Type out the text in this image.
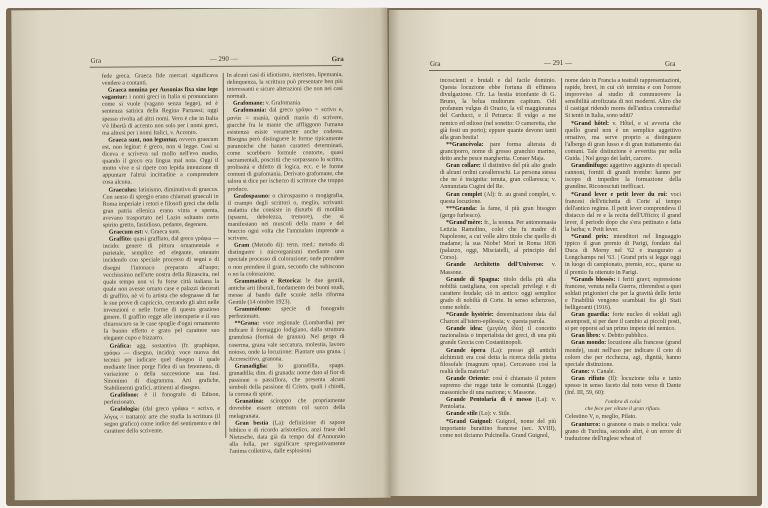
Gra	— 290 —	Gra

fede greca. Graeca fide mercari significava vendere a contanti.

Graeca nomina per Ausonias fixa sine lege vagantur: i nomi greci in Italia si pronunciano come si vuole (vagano senza legge), ed è sentenza satirica della Regina Parnassi; oggi spesso rivolta ad altri nomi. Vero è che in Italia v'è libertà di accento non solo per i nomi greci, ma altresì per i nomi Italici, v. Accento.

Graeca sunt, non leguntur, ovvero graecum est, non legitur: è greco, non si legge. Così si diceva e scriveva sul mollo nell'evo medio, quando il greco era lingua mal nota. Oggi il motto vive e si ripete con lepida intenzione di appuntare l'altrui incittadine a comprendere cosa alcuna.

Graeculus: latinismo, diminutivo di graecus. Con senso di spregio erano chiamati graeculi in Roma imperiale i retori e filosofi greci che della gran patria ellenica erano vinta e spenta, avevano trasportato nel Lazio soltanto certo spirito gretto, fastidioso, pedante, degenere.

Graecum est: v. Graeca sunt.

Graffito: quasi graffiato, dal greco γράφω — incido: genere di pittura ornamentale e parietale, semplice ed elegante, ottenuto incidendo con speciale processo di segni e di disegni l'intonaco preparato all'uopo; vecchissimo nell'arte nostra della Rinascita, nel quale tempo non vi fu forse città italiana la quale non avesse ornato case e palazzi decorati di graffito, nè vi fu artista che sdegnasse di far le sue prove di capriccio, cercando gli altri nelle invenzioni e nelle forme di questo grazioso genere. Il graffito regge alle intemperie e il suo chiaroscuro su le case spoglie d'ogni ornamento fa buono effetto e grato pel carattere suo elegante cupo e bizzarro.

Gràfica: agg. sostantivo (fr. graphique, γράφω — disegno, incido): voce nuova dei tecnici per indicare quel disegno il quale mediante linee porge l'idea di un fenomeno, di variazione o della successione sua fasi. Sinonimo di diagramma. Arti grafiche, Stabilimenti grafici, attinenti al disegno.

Grafòfono: è il fonografo di Edison, perfezionato.

Grafologia: (dal greco γράφω = scrivo, e λόγος = trattato): arte che studia la scrittura (il segno grafico) come indice del sentimento e del carattere dello scrivente.

In alcuni casi di idiotismo, isterismo, lipemania, delinquenza, la scrittura può presentare ben più interessanti e sicure alterazioni che non nei casi normali.

Grafomane: v. Grafomania.

Grafomania: dal greco γράφω = scrivo e, μανία = mania, quindi mania di scrivere, giacchè fra le manie che affliggono l'umana esistenza esiste veramente anche codesta. Bisogna però distinguere le forme tipicamente paranoiche che hanno caratteri determinati, come scorbbero formule contorte, quasi sacramentali, poscritti che sorpassano lo scritto, prolissità e difetto di logica, ecc. e le forme comuni di grafomania. Derivato grafomane, che talora si dice per ischerzo di scrittore che troppo produce.

Grafospasmo: o chirospasmo o mogigrafia, il crampo degli scrittori o, meglio, scrivani: malattia che consiste in disturbi di motilità (spasmi, debolezza, tremore), che si manifestano nei muscoli della mano e del braccio ogni volta che l'ammalato imprende a scrivere.

Gram (Metodo di): term. med.: metodo di distinguere i microrganismi mediante uno speciale processo di colorazione; onde prendere o non prendere il gram, secondo che subiscono o no la colorazione.

Grammatica e Retorica: le due gentili, antiche arti liberali, fondamento dei buoni studi, messe al bando dalle scuole nella riforma Gentile (14 ottobre 1923).

Grammòfono: specie di fonografo perfezionato.

**Grana: voce regionale (Lombardia) per indicare il formaggio lodigiano, dalla struttura granulosa (formai de granna). Nel gergo di caserma, grana vale seccatura, molestia, lavoro noioso, onde la locuzione: Piantare una grana. | Accrescitivo, granona.

Granadiglia: lo granadilla, spagn. granadilla; dim. di granada: nome dato al fior di passione o passiflora, che presenta alcuni simboli della passione di Cristo, quali i chiodi, la corona di spine.

Granatina: sciroppo che propriamente dovrebbe essere ottenuto col succo della melagranata.

Gran bestia (La): definizione di sapore biblico e di ricordo aristotelico, anzi frase del Nietzsche, data già da tempo dal d'Annunzio alla folla, per significare spregiativamente l'anima collettiva, dalle esplosioni

Gra	— 291 —	Gra

incoscienti e brutali e dal facile dominio. Questa locuzione ebbe fortuna di effimera divulgazione. Cfr. La bestia trionfante di G. Bruno, la belua multorum capitum. Odi profanum vulgus di Orazio, la vil maggioranza del Carducci, e il Petrarca: Il vulgo a me nemico ed odioso (nel sonetto: O cameretta, che già fosti un porto); eppure quante devono tanti alla gran bestia!

**Grancèvola: pare forma alterata di granciporro, nome di grosso granchio marino, detto anche pesce margherita. Conser Maja.

Gran collare: il distintivo del più alto grado di alcuni ordini cavallereschi. La persona stessa che ne è insignita: tenuta, gran collaresca; v. Annunziata Cugini del Re.

Gran complet (Al): fr. au grand complet, v. questa locuzione.

***Granda: la fame, il più gran bisogno (gergo furbesco).

*Grand'mère: fr., la nonna. Per antonomasia Letizia Ramolino, colei che fu madre di Napoleone, a cui volle altro titolo che quello di madame; la sua Niobe! Morì in Roma 1836 (palazzo, oggi, Misciatelli, al principio del Corso).

Grande Architetto dell'Universo: v. Massone.

Grande di Spagna: titolo della più alta nobiltà castigliana, con speciali privilegi e di carattere feudale; ciò in antico: oggi semplice grado di nobiltà di Corte. In senso scherzoso, come nobile.

*Grande hystérie: denominazione data dal Charcot all'istero-epilessia; v. questa parola.

Grande idea: (μεγάλη ἰδέα) il concetto nazionalista o imperialista dei greci, di una più grande Grecia con Costantinopoli.

Grande òpera (La): presso gli antichi alchimisti era così detta la ricerca della pietra filosofale (magnum opus). Cercavano così la realtà della materia?

Grande Oriente: così è chiamato il potere supremo che regge tutte le comunità (Logge) massoniche di una nazione; v. Massone.

Grande Pentolaria di è messo (La): v. Pentolaria.

Grande stile (Lo): v. Stile.

*Grand Guignol: Guignol, nome del più importante burattino francese (sec. XVIII), come noi diciamo Pulcinella. Grand Guignol,

nome dato in Francia a teatrali rappresentazioni, rapide, brevi, in cui ciò termina e con l'orrore improvviso al studio di commuovere la sensibilità atrofizzata di noi moderni. Altro che il castigat ridendo mores dell'antica commedia! Si tentò in Italia, sono uditi?

*Grand hôtel: v. Hôtel, e si avverta che quello grand non è un semplice aggettivo ornativo, ma serve proprio a distinguere l'albergo di gran lusso e di gran trattamento dai comuni. Tale distinzione è avvertita pur nella Guida. | Nel gergo dei ladri, carcere.

Grandinifugo: aggettivo aggiunto di speciali cannoni, forniti di grandi trombe: hanno per iscopo di impedire la formazione della grandine. Riconosciuti inefficaci.

*Grand lever e petit lever du roi: voci francesi dell'etichetta di Corte al tempo dell'antico regime. Il petit lever comprendeva il distacco dal re e la recita dell'Ufficio; il grand lever, il periodo dopo che s'era pettinato e fatta la barba; v. Petit lever.

*Grand prix: intenditori nel linguaggio ippico il gran premio di Parigi, fondato dal Duca di Morny nel '62 e inaugurato a Longchamps nel '63. | Grand prix si legge oggi in luogo di campionato, premio, ecc., sparse su il premio fu ottenuto in Parigi.

*Grands blessés: i feriti gravi; espressione francese, venuta nella Guerra, riferendosi a quei soldati prigionieri che per la gravità delle ferite e l'inabilità vengono scambiati fra gli Stati belligeranti (1916).

Gran guardia: forte nucleo di soldati agli avamposti, si per dare il cambio ai piccoli posti, si per opporsi ad un primo impeto del nemico.

Gran libro: v. Debito pubblico.

Gran mondo: locuzione alla francese (grand monde), usati nell'uso per indicare il ceto di coloro che per ricchezza, agi, dignità, hanno speciale distinzione.

Grano: v. Canale.

Gran rifiuto (Il): locuzione tolta e tanto spesso in senso faceto dal noto verso di Dante (Inf. III, 59, 60):

l'ombra di colui
che fece per viltate il gran rifiuto.

Celestino V, o, meglio, Pilato.

Granturco: o granone o mais o melica: vale grano di Turchia, secondo altri, è un errore di traduzione dell'inglese wheat of
